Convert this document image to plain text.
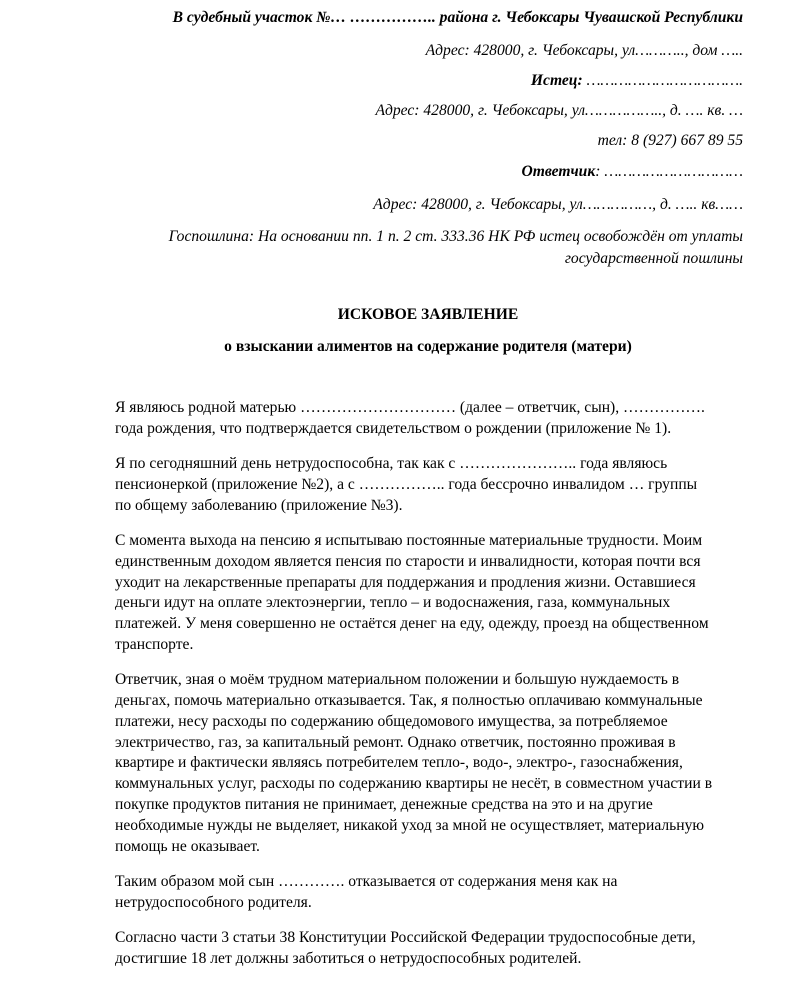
В судебный участок №… …………….. района г. Чебоксары Чувашской Республики
Адрес: 428000, г. Чебоксары, ул……….., дом …..
Истец: …………………………….
Адрес: 428000, г. Чебоксары, ул…………….., д. …. кв. …
тел: 8 (927) 667 89 55
Ответчик: …………………………
Адрес: 428000, г. Чебоксары, ул……………, д. ….. кв……
Госпошлина: На основании пп. 1 п. 2 ст. 333.36 НК РФ истец освобождён от уплаты государственной пошлины
ИСКОВОЕ ЗАЯВЛЕНИЕ
о взыскании алиментов на содержание родителя (матери)

Я являюсь родной матерью ………………………… (далее – ответчик, сын), …………….
года рождения, что подтверждается свидетельством о рождении (приложение № 1).

Я по сегодняшний день нетрудоспособна, так как с ………………….. года являюсь
пенсионеркой (приложение №2), а с …………….. года бессрочно инвалидом … группы
по общему заболеванию (приложение №3).

С момента выхода на пенсию я испытываю постоянные материальные трудности. Моим
единственным доходом является пенсия по старости и инвалидности, которая почти вся
уходит на лекарственные препараты для поддержания и продления жизни. Оставшиеся
деньги идут на оплате электоэнергии, тепло – и водоснажения, газа, коммунальных
платежей. У меня совершенно не остаётся денег на еду, одежду, проезд на общественном
транспорте.

Ответчик, зная о моём трудном материальном положении и большую нуждаемость в
деньгах, помочь материально отказывается. Так, я полностью оплачиваю коммунальные
платежи, несу расходы по содержанию общедомового имущества, за потребляемое
электричество, газ, за капитальный ремонт. Однако ответчик, постоянно проживая в
квартире и фактически являясь потребителем тепло-, водо-, электро-, газоснабжения,
коммунальных услуг, расходы по содержанию квартиры не несёт, в совместном участии в
покупке продуктов питания не принимает, денежные средства на это и на другие
необходимые нужды не выделяет, никакой уход за мной не осуществляет, материальную
помощь не оказывает.

Таким образом мой сын …………. отказывается от содержания меня как на
нетрудоспособного родителя.

Согласно части 3 статьи 38 Конституции Российской Федерации трудоспособные дети,
достигшие 18 лет должны заботиться о нетрудоспособных родителей.
